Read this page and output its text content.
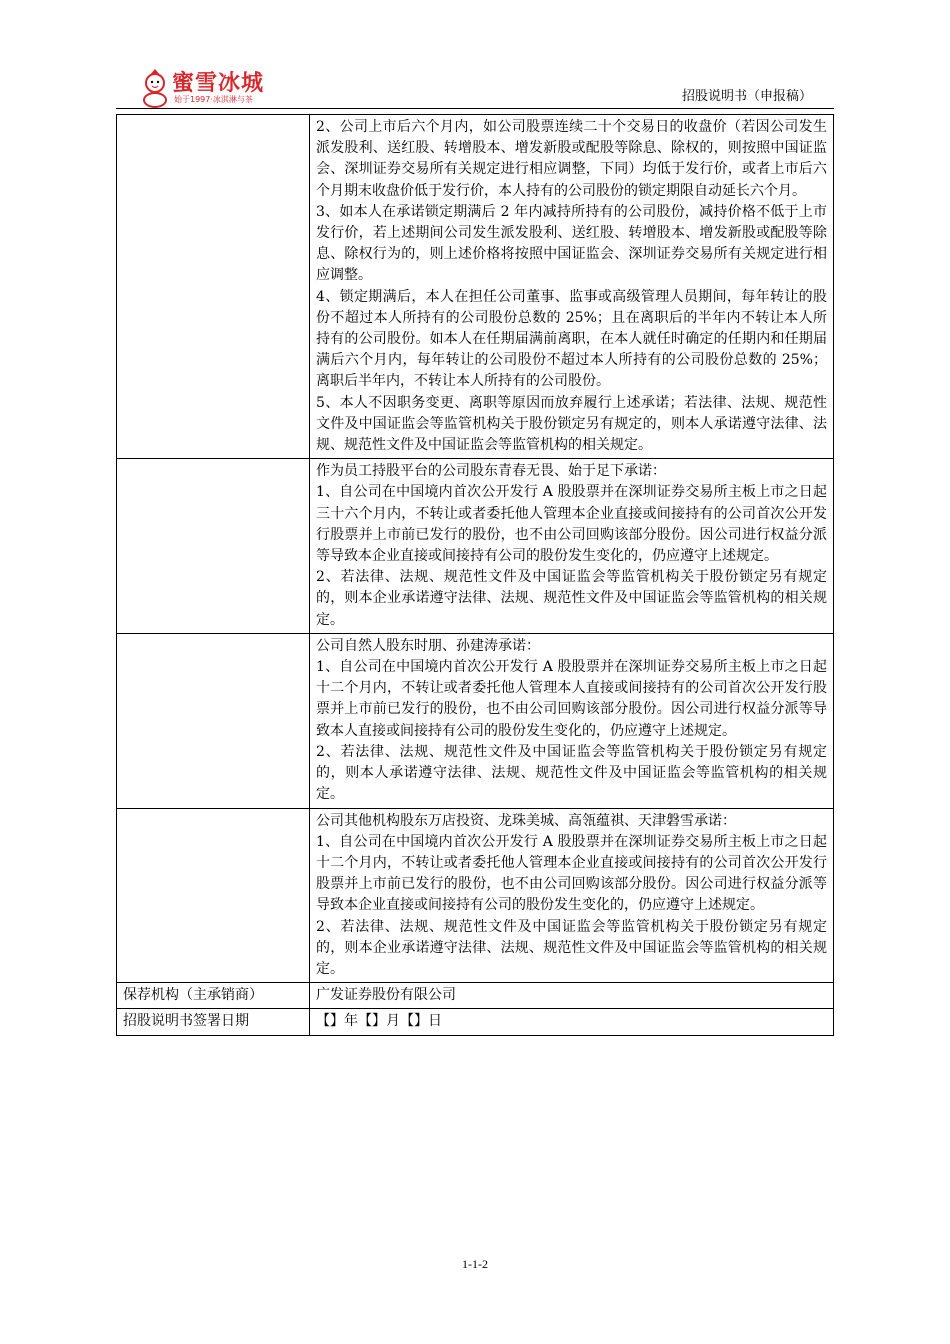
蜜雪冰城
始于1997·冰淇淋与茶	招股说明书（申报稿）

	2、公司上市后六个月内，如公司股票连续二十个交易日的收盘价（若因公司发生派发股利、送红股、转增股本、增发新股或配股等除息、除权的，则按照中国证监会、深圳证券交易所有关规定进行相应调整，下同）均低于发行价，或者上市后六个月期末收盘价低于发行价，本人持有的公司股份的锁定期限自动延长六个月。
3、如本人在承诺锁定期满后 2 年内减持所持有的公司股份，减持价格不低于上市发行价，若上述期间公司发生派发股利、送红股、转增股本、增发新股或配股等除息、除权行为的，则上述价格将按照中国证监会、深圳证券交易所有关规定进行相应调整。
4、锁定期满后，本人在担任公司董事、监事或高级管理人员期间，每年转让的股份不超过本人所持有的公司股份总数的 25%；且在离职后的半年内不转让本人所持有的公司股份。如本人在任期届满前离职，在本人就任时确定的任期内和任期届满后六个月内，每年转让的公司股份不超过本人所持有的公司股份总数的 25%；离职后半年内，不转让本人所持有的公司股份。
5、本人不因职务变更、离职等原因而放弃履行上述承诺；若法律、法规、规范性文件及中国证监会等监管机构关于股份锁定另有规定的，则本人承诺遵守法律、法规、规范性文件及中国证监会等监管机构的相关规定。

	作为员工持股平台的公司股东青春无畏、始于足下承诺：
1、自公司在中国境内首次公开发行 A 股股票并在深圳证券交易所主板上市之日起三十六个月内，不转让或者委托他人管理本企业直接或间接持有的公司首次公开发行股票并上市前已发行的股份，也不由公司回购该部分股份。因公司进行权益分派等导致本企业直接或间接持有公司的股份发生变化的，仍应遵守上述规定。
2、若法律、法规、规范性文件及中国证监会等监管机构关于股份锁定另有规定的，则本企业承诺遵守法律、法规、规范性文件及中国证监会等监管机构的相关规定。

	公司自然人股东时朋、孙建涛承诺：
1、自公司在中国境内首次公开发行 A 股股票并在深圳证券交易所主板上市之日起十二个月内，不转让或者委托他人管理本人直接或间接持有的公司首次公开发行股票并上市前已发行的股份，也不由公司回购该部分股份。因公司进行权益分派等导致本人直接或间接持有公司的股份发生变化的，仍应遵守上述规定。
2、若法律、法规、规范性文件及中国证监会等监管机构关于股份锁定另有规定的，则本人承诺遵守法律、法规、规范性文件及中国证监会等监管机构的相关规定。

	公司其他机构股东万店投资、龙珠美城、高瓴蕴祺、天津磐雪承诺：
1、自公司在中国境内首次公开发行 A 股股票并在深圳证券交易所主板上市之日起十二个月内，不转让或者委托他人管理本企业直接或间接持有的公司首次公开发行股票并上市前已发行的股份，也不由公司回购该部分股份。因公司进行权益分派等导致本企业直接或间接持有公司的股份发生变化的，仍应遵守上述规定。
2、若法律、法规、规范性文件及中国证监会等监管机构关于股份锁定另有规定的，则本企业承诺遵守法律、法规、规范性文件及中国证监会等监管机构的相关规定。

保荐机构（主承销商）	广发证券股份有限公司
招股说明书签署日期	【】年【】月【】日
1-1-2
